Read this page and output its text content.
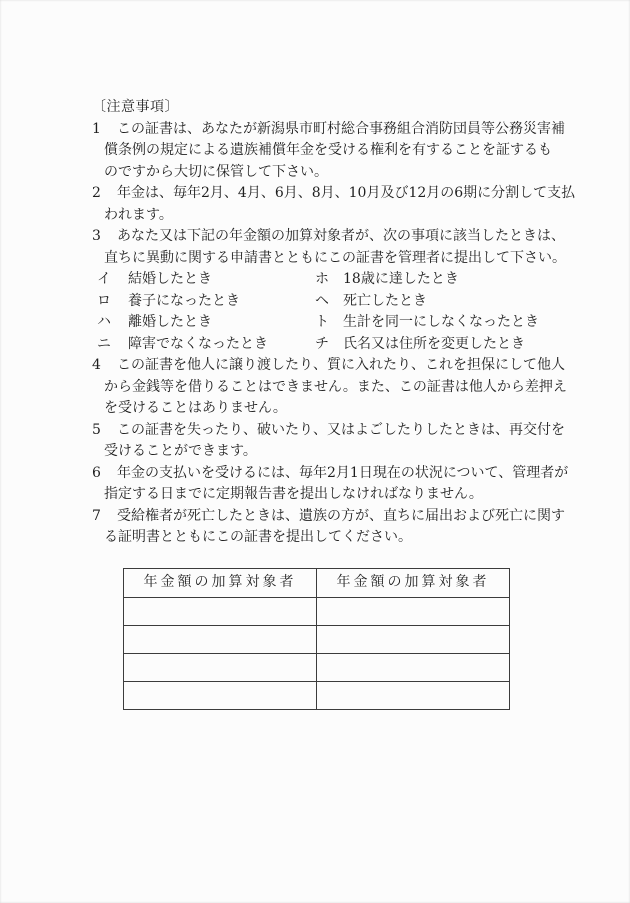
〔注意事項〕
1	この証書は、あなたが新潟県市町村総合事務組合消防団員等公務災害補
償条例の規定による遺族補償年金を受ける権利を有することを証するも
のですから大切に保管して下さい。
2	年金は、毎年2月、4月、6月、8月、10月及び12月の6期に分割して支払
われます。
3	あなた又は下記の年金額の加算対象者が、次の事項に該当したときは、
直ちに異動に関する申請書とともにこの証書を管理者に提出して下さい。
イ	結婚したとき	ホ	18歳に達したとき
ロ	養子になったとき	ヘ	死亡したとき
ハ	離婚したとき	ト	生計を同一にしなくなったとき
ニ	障害でなくなったとき	チ	氏名又は住所を変更したとき
4	この証書を他人に譲り渡したり、質に入れたり、これを担保にして他人
から金銭等を借りることはできません。また、この証書は他人から差押え
を受けることはありません。
5	この証書を失ったり、破いたり、又はよごしたりしたときは、再交付を
受けることができます。
6	年金の支払いを受けるには、毎年2月1日現在の状況について、管理者が
指定する日までに定期報告書を提出しなければなりません。
7	受給権者が死亡したときは、遺族の方が、直ちに届出および死亡に関す
る証明書とともにこの証書を提出してください。
年金額の加算対象者	年金額の加算対象者
